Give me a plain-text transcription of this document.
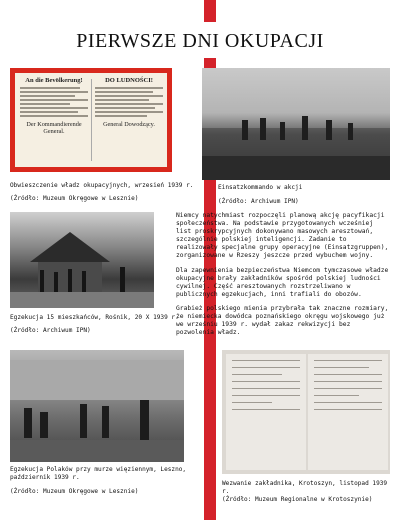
PIERWSZE DNI OKUPACJI
An die Bevölkerung!
Der Kommandierende General.
DO LUDNOŚCI!
General Dowodzący.
Obwieszczenie władz okupacyjnych, wrzesień 1939 r.
(Źródło: Muzeum Okręgowe w Lesznie)
Einsatzkommando w akcji
(Źródło: Archiwum IPN)

Niemcy natychmiast rozpoczęli planową akcję pacyfikacji społeczeństwa. Na podstawie przygotowanych wcześniej list proskrypcyjnych dokonywano masowych aresztowań, szczególnie polskiej inteligencji. Zadanie to realizowały specjalne grupy operacyjne (Einsatzgruppen), zorganizowane w Rzeszy jeszcze przed wybuchem wojny.

Dla zapewnienia bezpieczeństwa Niemcom tymczasowe władze okupacyjne brały zakładników spośród polskiej ludności cywilnej. Część aresztowanych rozstrzeliwano w publicznych egzekucjach, inni trafiali do obozów.

Grabież polskiego mienia przybrała tak znaczne rozmiary, że niemiecka dowódca poznańskiego okręgu wojskowego już we wrześniu 1939 r. wydał zakaz rekwizycji bez pozwolenia władz.

Egzekucja 15 mieszkańców, Rośnik, 20 X 1939 r.
(Źródło: Archiwum IPN)
Egzekucja Polaków przy murze więziennym, Leszno, październik 1939 r.
(Źródło: Muzeum Okręgowe w Lesznie)
Wezwanie zakładnika, Krotoszyn, listopad 1939 r.
(Źródło: Muzeum Regionalne w Krotoszynie)
